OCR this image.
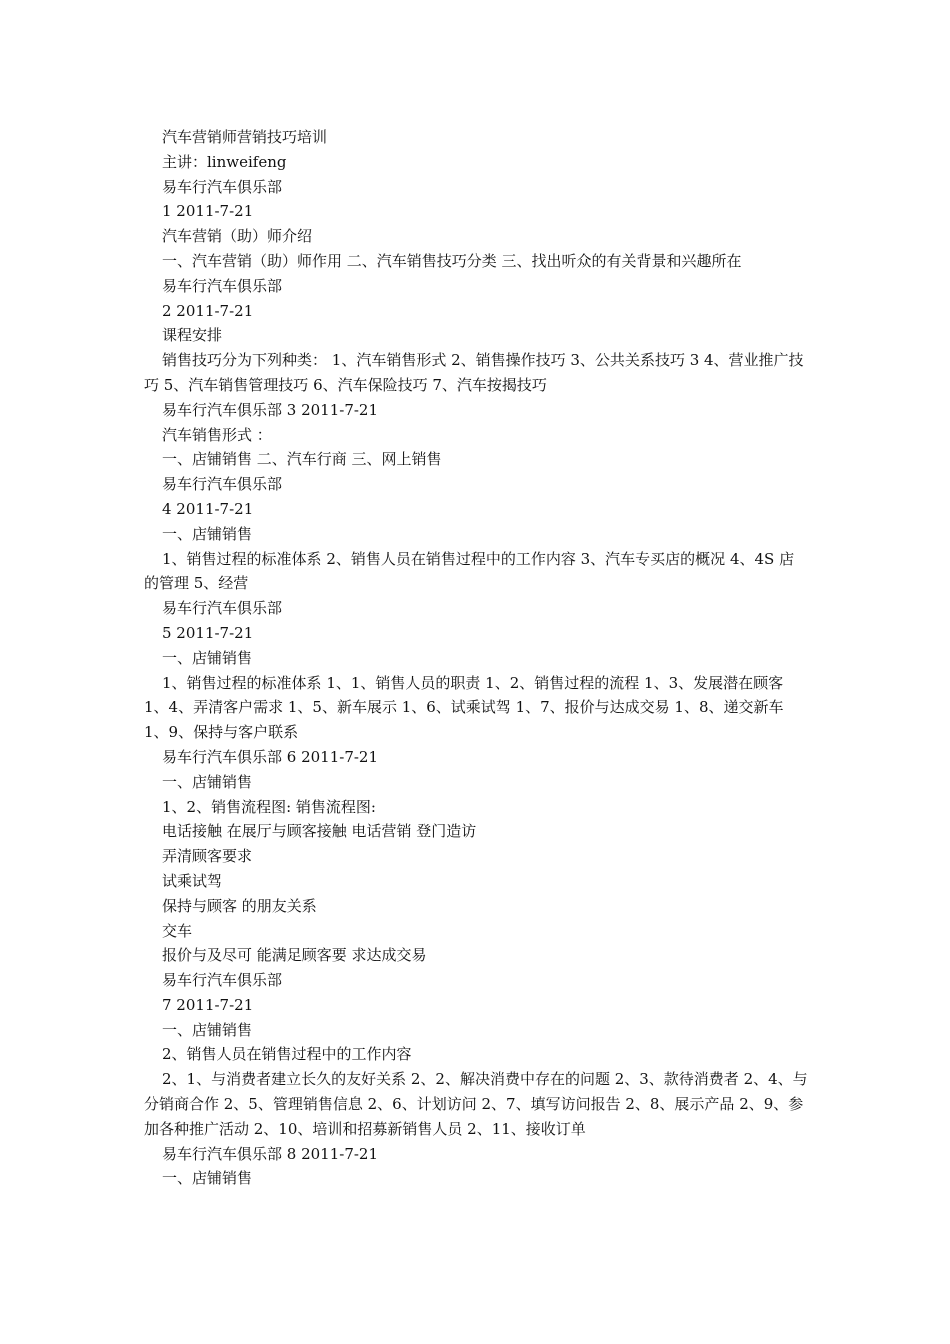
汽车营销师营销技巧培训

主讲：linweifeng

易车行汽车俱乐部

1 2011-7-21

汽车营销（助）师介绍

一、汽车营销（助）师作用 二、汽车销售技巧分类 三、找出听众的有关背景和兴趣所在

易车行汽车俱乐部

2 2011-7-21

课程安排

销售技巧分为下列种类： 1、汽车销售形式 2、销售操作技巧 3、公共关系技巧 3 4、营业推广技巧 5、汽车销售管理技巧 6、汽车保险技巧 7、汽车按揭技巧

易车行汽车俱乐部 3 2011-7-21

汽车销售形式 ：

一、店铺销售 二、汽车行商 三、网上销售

易车行汽车俱乐部

4 2011-7-21

一、店铺销售

1、销售过程的标准体系 2、销售人员在销售过程中的工作内容 3、汽车专买店的概况 4、4S 店的管理 5、经营

易车行汽车俱乐部

5 2011-7-21

一、店铺销售

1、销售过程的标准体系 1、1、销售人员的职责 1、2、销售过程的流程 1、3、发展潜在顾客 1、4、弄清客户需求 1、5、新车展示 1、6、试乘试驾 1、7、报价与达成交易 1、8、递交新车 1、9、保持与客户联系

易车行汽车俱乐部 6 2011-7-21

一、店铺销售

1、2、销售流程图: 销售流程图:

电话接触 在展厅与顾客接触 电话营销 登门造访

弄清顾客要求

试乘试驾

保持与顾客 的朋友关系

交车

报价与及尽可 能满足顾客要 求达成交易

易车行汽车俱乐部

7 2011-7-21

一、店铺销售

2、销售人员在销售过程中的工作内容

2、1、与消费者建立长久的友好关系 2、2、解决消费中存在的问题 2、3、款待消费者 2、4、与分销商合作 2、5、管理销售信息 2、6、计划访问 2、7、填写访问报告 2、8、展示产品 2、9、参加各种推广活动 2、10、培训和招募新销售人员 2、11、接收订单

易车行汽车俱乐部 8 2011-7-21

一、店铺销售
